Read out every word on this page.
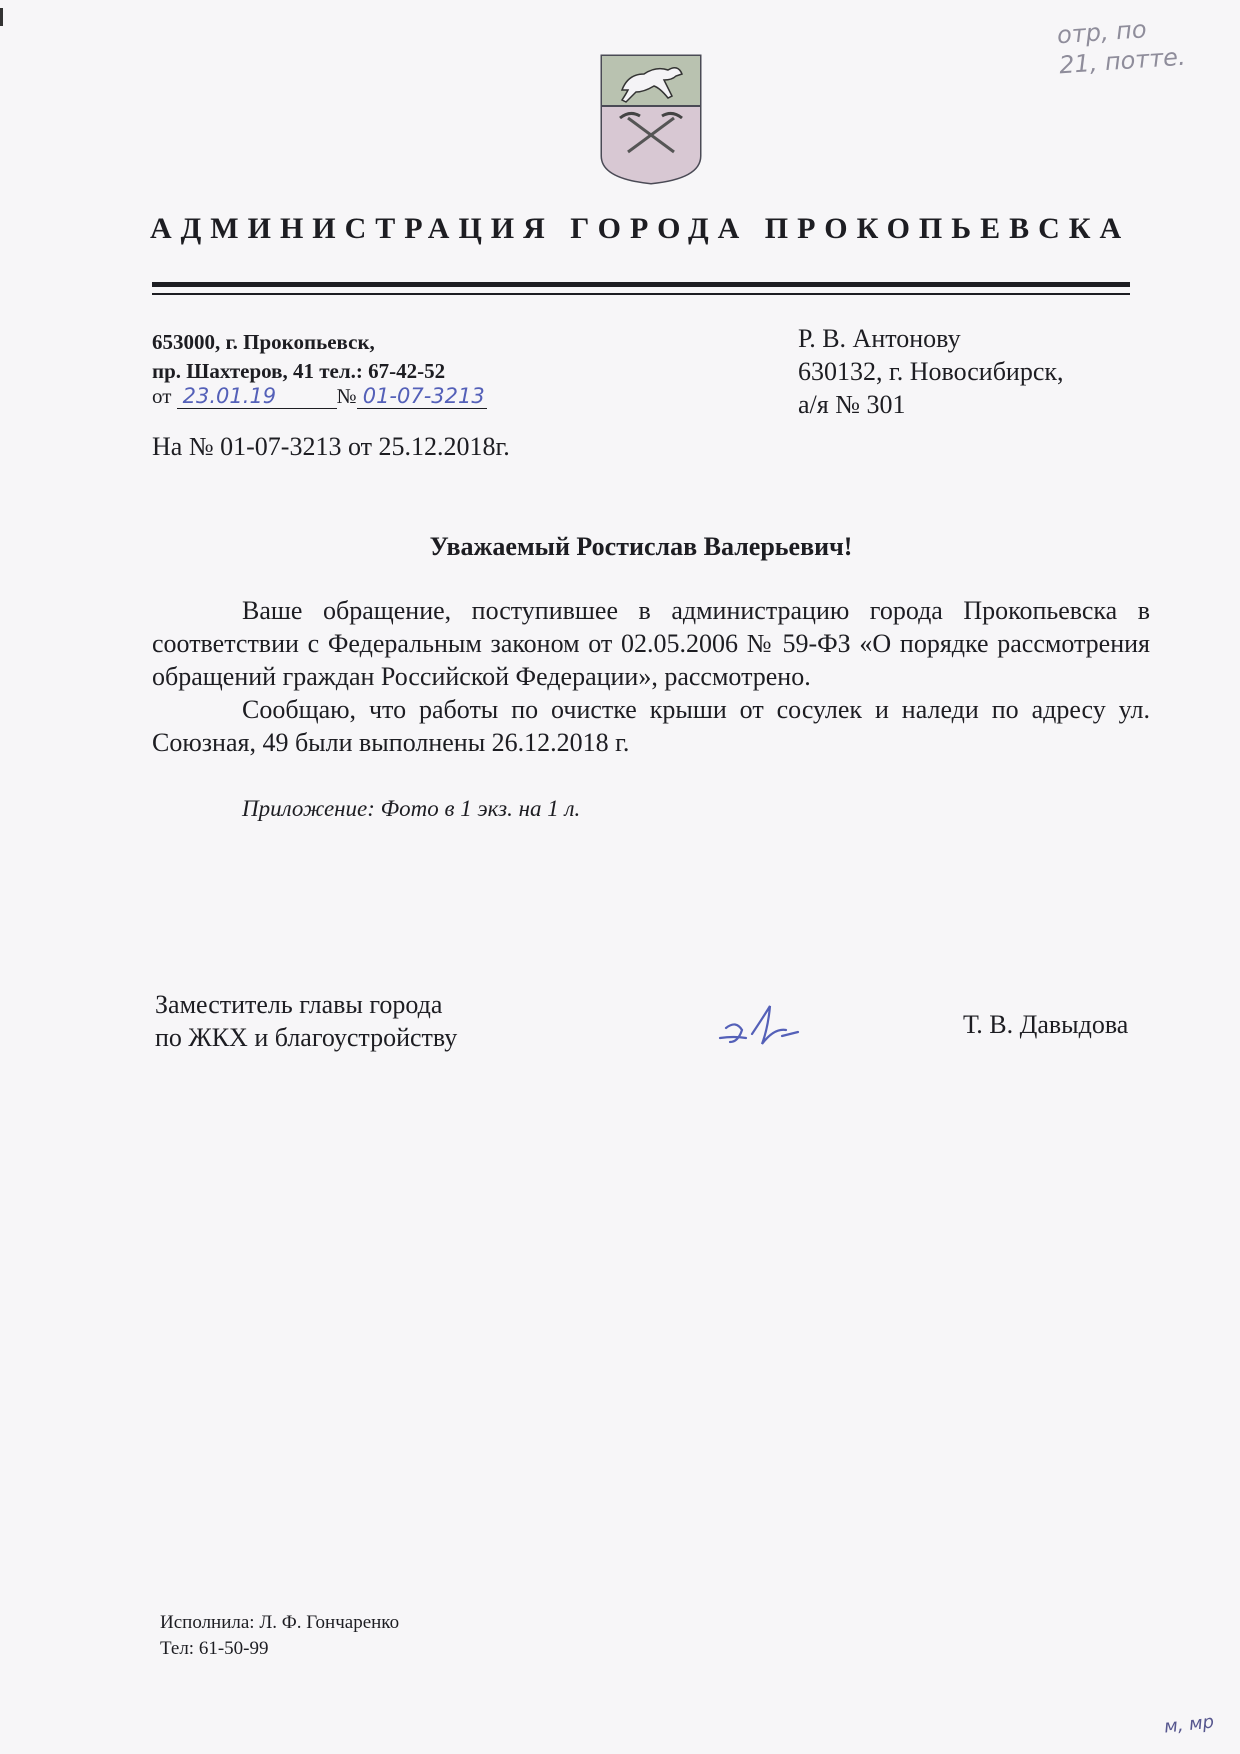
отр, по
21, потте.
АДМИНИСТРАЦИЯ ГОРОДА ПРОКОПЬЕВСКА
653000, г. Прокопьевск,
пр. Шахтеров, 41 тел.: 67-42-52
от 23.01.19	№ 01-07-3213
На № 01-07-3213 от 25.12.2018г.
Р. В. Антонову
630132, г. Новосибирск,
а/я № 301
Уважаемый Ростислав Валерьевич!

Ваше обращение, поступившее в администрацию города Прокопьевска в соответствии с Федеральным законом от 02.05.2006 № 59-ФЗ «О порядке рассмотрения обращений граждан Российской Федерации», рассмотрено.

Сообщаю, что работы по очистке крыши от сосулек и наледи по адресу ул. Союзная, 49 были выполнены 26.12.2018 г.

Приложение: Фото в 1 экз. на 1 л.
Заместитель главы города
по ЖКХ и благоустройству	Т. В. Давыдова
Исполнила: Л. Ф. Гончаренко
Тел: 61-50-99
м, мр
